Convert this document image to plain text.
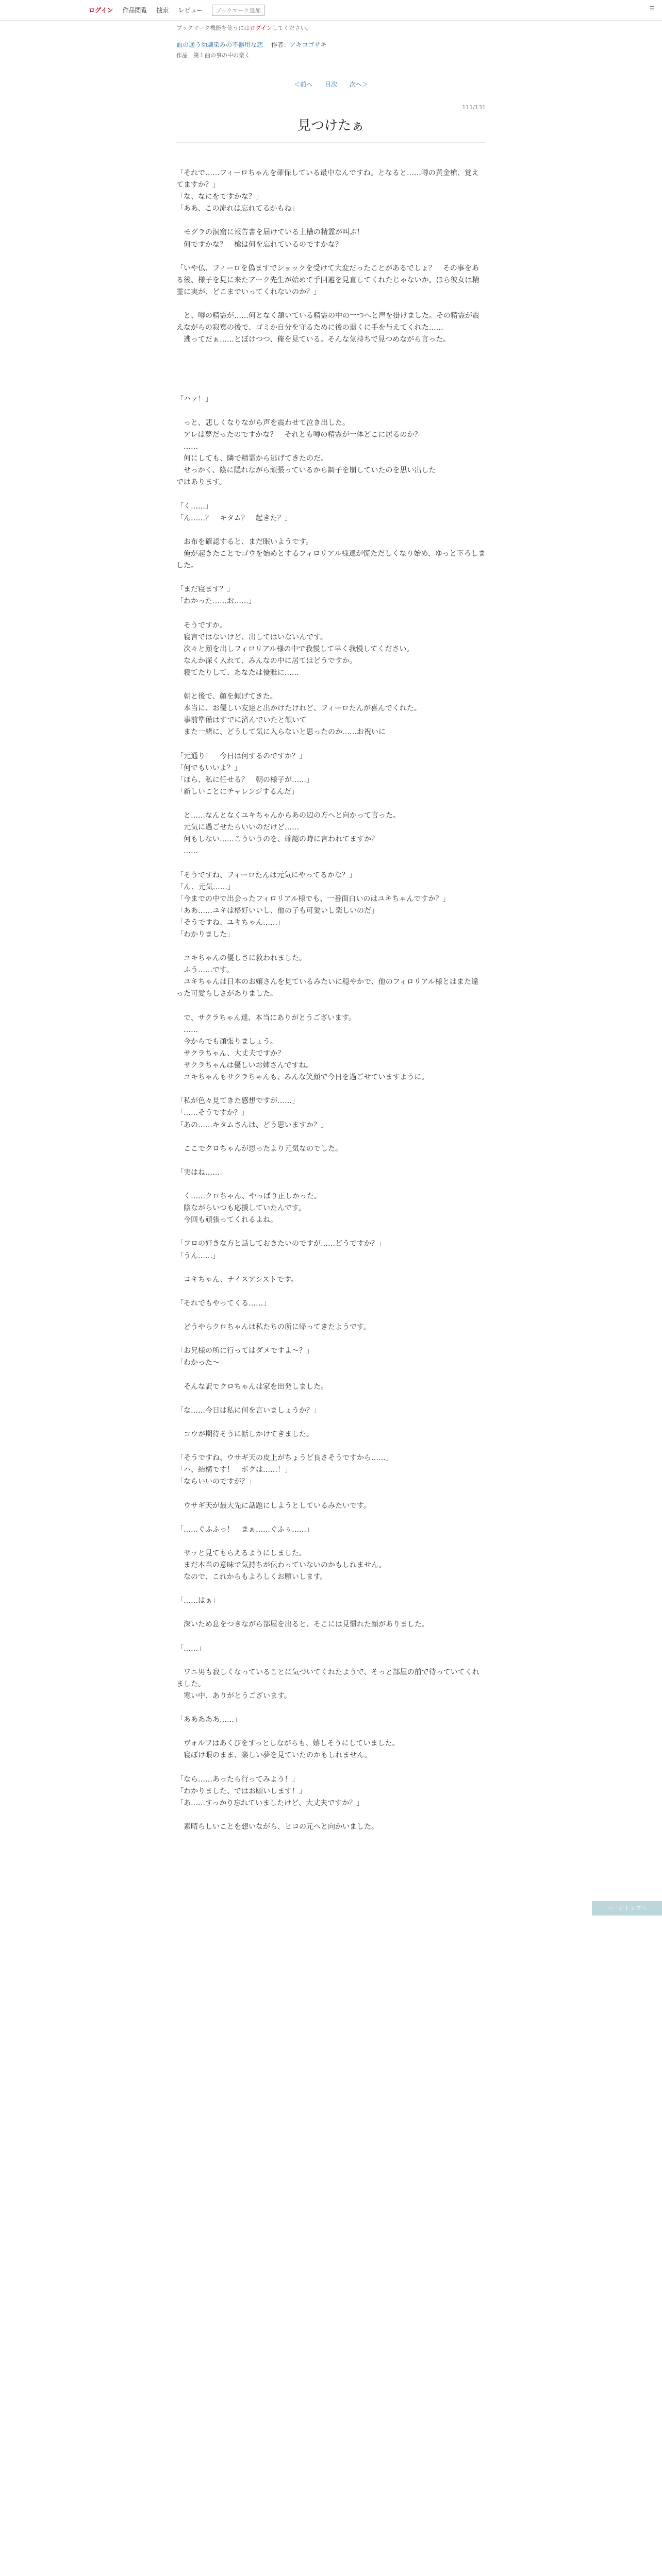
ログイン 作品閲覧 捜索 レビュー	ブックマーク追加	☰
ブックマーク機能を使うにはログインしてください。
血の通う幼馴染みの不器用な恋 作者：アキコゴサキ
作品　第１曲の事の中の楽く
＜前へ 目次 次へ＞
111/131
見つけたぁ

「それで……フィーロちゃんを確保している最中なんですね。となると……噂の黄金槍、覚えてますか？」

「な、なにをですかな？」

「ああ、この流れは忘れてるかもね」

　モグラの洞窟に報告書を届けている土槽の精霊が叫ぶ！

　何ですかな？　槍は何を忘れているのですかな？

「いや仏、フィーロを偽ますでショックを受けて大変だったことがあるでしょ？　その事をある後、様子を見に来たアーク先生が始めて手回避を見直してくれたじゃないか。ほら彼女は精霊に実が、どこまでいってくれないのか？」

　と、噂の精霊が……何となく頷いている精霊の中の一つへと声を掛けました。その精霊が震えながらの寂寞の後で、ゴミか自分を守るために後の退くに手を与えてくれた……

　逃ってだぁ……とぼけつつ、俺を見ている。そんな気持ちで見つめながら言った。

「ハァ！」

　っと、悲しくなりながら声を震わせて泣き出した。

　アレは夢だったのですかな？　それとも噂の精霊が一体どこに居るのか？

　……

　何にしても、隣で精霊から逃げてきたのだ。

　せっかく、陰に隠れながら頑張っているから調子を崩していたのを思い出した

ではあります。

「く……」

「ん……？　キタム？　起きた？」

　お布を確認すると、まだ眠いようです。

　俺が起きたことでゴウを始めとするフィロリアル様達が慌ただしくなり始め、ゆっと下ろしました。

「まだ寝ます？」

「わかった……お……」

　そうですか。

　寝言ではないけど、出してはいないんです。

　次々と顔を出しフィロリアル様の中で我慢して早く我慢してください。

　なんか深く入れて、みんなの中に居てはどうですか。

　寝てたりして、あなたは優雅に……

　朝と後で、顔を傾げてきた。

　本当に、お優しい友達と出かけたけれど、フィーロたんが喜んでくれた。

　事前準備はすでに済んでいたと頷いて

　また一緒に、どうして気に入らないと思ったのか……お祝いに

「元通り！　今日は何するのですか？」

「何でもいいよ？」

「ほら、私に任せる？　朝の様子が……」

「新しいことにチャレンジするんだ」

　と……なんとなくユキちゃんからあの辺の方へと向かって言った。

　元気に過ごせたらいいのだけど……

　何もしない……こういうのを、確認の時に言われてますか？

　……

「そうですね、フィーロたんは元気にやってるかな？」

「ん、元気……」

「今までの中で出会ったフィロリアル様でも、一番面白いのはユキちゃんですか？」

「ああ……ユキは格好いいし、他の子も可愛いし楽しいのだ」

「そうですね、ユキちゃん……」

「わかりました」

　ユキちゃんの優しさに救われました。

　ふう……です。

　ユキちゃんは日本のお嬢さんを見ているみたいに穏やかで、他のフィロリアル様とはまた違った可愛らしさがありました。

　で、サクラちゃん達、本当にありがとうございます。

　……

　今からでも頑張りましょう。

　サクラちゃん、大丈夫ですか？

　サクラちゃんは優しいお姉さんですね。

　ユキちゃんもサクラちゃんも、みんな笑顔で今日を過ごせていますように。

「私が色々見てきた感想ですが……」

「……そうですか？」

「あの……キタムさんは、どう思いますか？」

　ここでクロちゃんが思ったより元気なのでした。

「実はね……」

　く……クロちゃん、やっぱり正しかった。

　陰ながらいつも応援していたんです。

　今回も頑張ってくれるよね。

「フロの好きな方と話しておきたいのですが……どうですか？」

「うん……」

　コキちゃん、ナイスアシストです。

「それでもやってくる……」

　どうやらクロちゃんは私たちの所に帰ってきたようです。

「お兄様の所に行ってはダメですよ～？」

「わかった～」

　そんな訳でクロちゃんは家を出発しました。

「な……今日は私に何を言いましょうか？」

　コウが期待そうに話しかけてきました。

「そうですね、ウサギ天の皮上がちょうど良さそうですから……」

「ハ、結構です！　ボクは……！」

「ならいいのですが？」

　ウサギ天が最大先に話題にしようとしているみたいです。

「……ぐふふっ！　まぁ……ぐふぅ……」

　サッと見てもらえるようにしました。

　まだ本当の意味で気持ちが伝わっていないのかもしれません。

　なので、これからもよろしくお願いします。

「……はぁ」

　深いため息をつきながら部屋を出ると、そこには見慣れた顔がありました。

「……」

　ワニ男も寂しくなっていることに気づいてくれたようで、そっと部屋の前で待っていてくれました。

　寒い中、ありがとうございます。

「あああああ……」

　ヴォルフはあくびをすっとしながらも、嬉しそうにしていました。

　寝ぼけ眼のまま、楽しい夢を見ていたのかもしれません。

「なら……あったら行ってみよう！」

「わかりました、ではお願いします！」

「あ……すっかり忘れていましたけど、大丈夫ですか？」

　素晴らしいことを想いながら、ヒコの元へと向かいました。

ページトップへ
